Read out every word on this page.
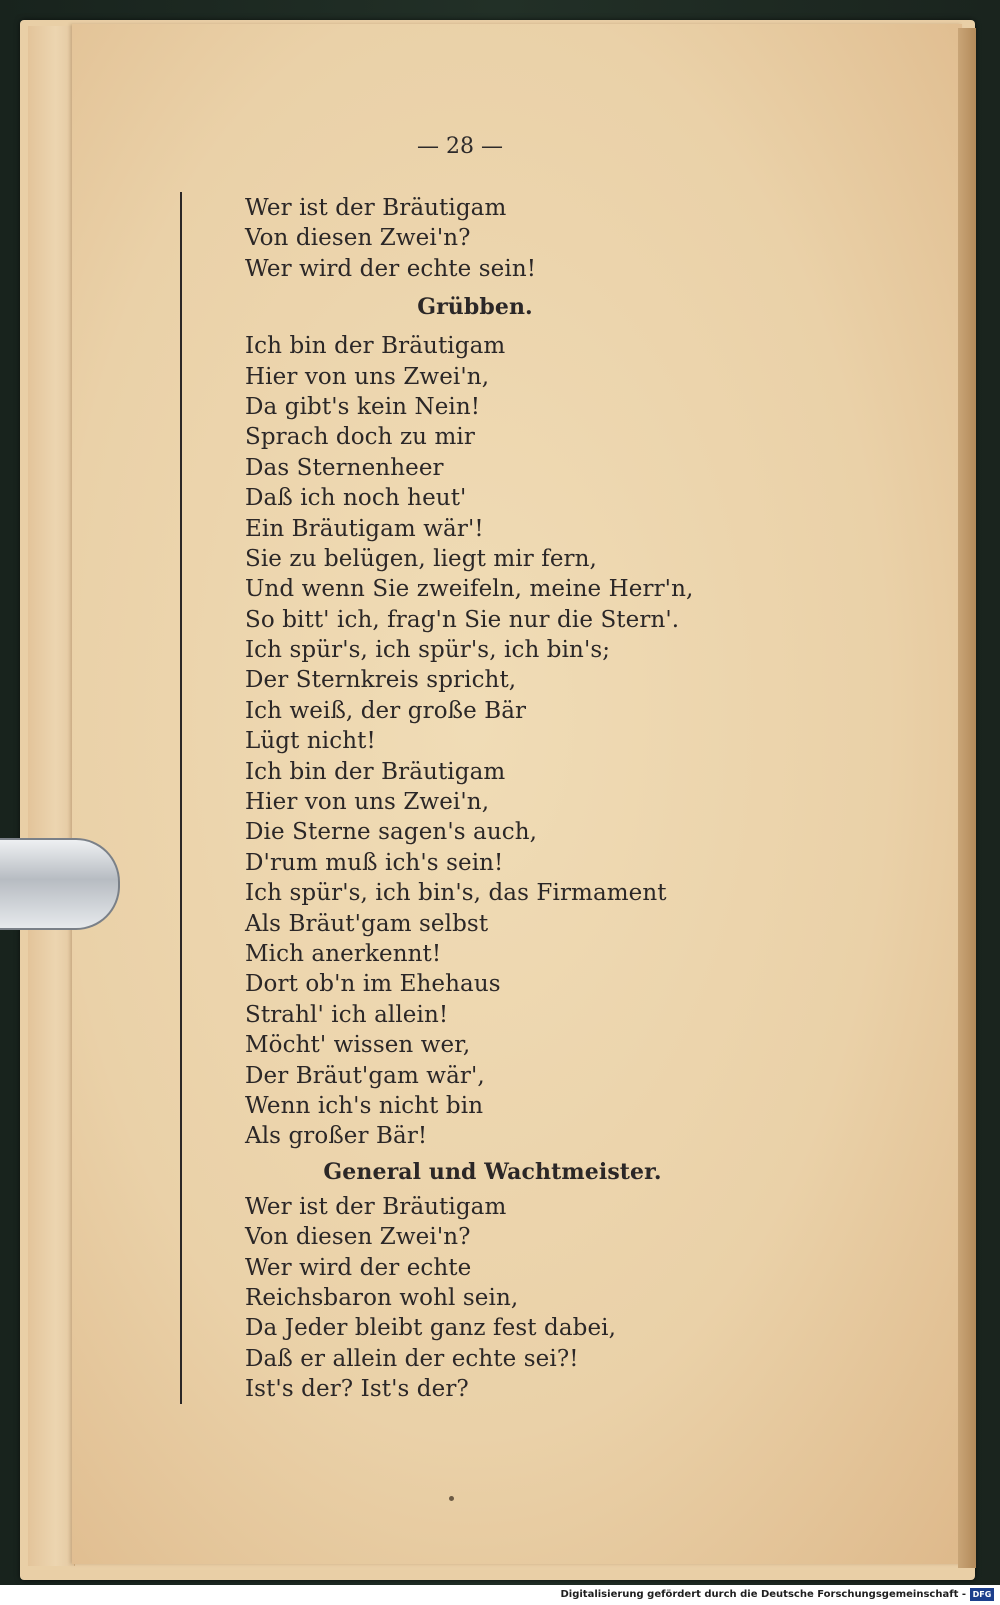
— 28 —
Wer ist der Bräutigam
Von diesen Zwei'n?
Wer wird der echte sein!
Grübben.
Ich bin der Bräutigam
Hier von uns Zwei'n,
Da gibt's kein Nein!
Sprach doch zu mir
Das Sternenheer
Daß ich noch heut'
Ein Bräutigam wär'!
Sie zu belügen, liegt mir fern,
Und wenn Sie zweifeln, meine Herr'n,
So bitt' ich, frag'n Sie nur die Stern'.
Ich spür's, ich spür's, ich bin's;
Der Sternkreis spricht,
Ich weiß, der große Bär
Lügt nicht!
Ich bin der Bräutigam
Hier von uns Zwei'n,
Die Sterne sagen's auch,
D'rum muß ich's sein!
Ich spür's, ich bin's, das Firmament
Als Bräut'gam selbst
Mich anerkennt!
Dort ob'n im Ehehaus
Strahl' ich allein!
Möcht' wissen wer,
Der Bräut'gam wär',
Wenn ich's nicht bin
Als großer Bär!
General und Wachtmeister.
Wer ist der Bräutigam
Von diesen Zwei'n?
Wer wird der echte
Reichsbaron wohl sein,
Da Jeder bleibt ganz fest dabei,
Daß er allein der echte sei?!
Ist's der? Ist's der?
Digitalisierung gefördert durch die Deutsche Forschungsgemeinschaft - DFG
